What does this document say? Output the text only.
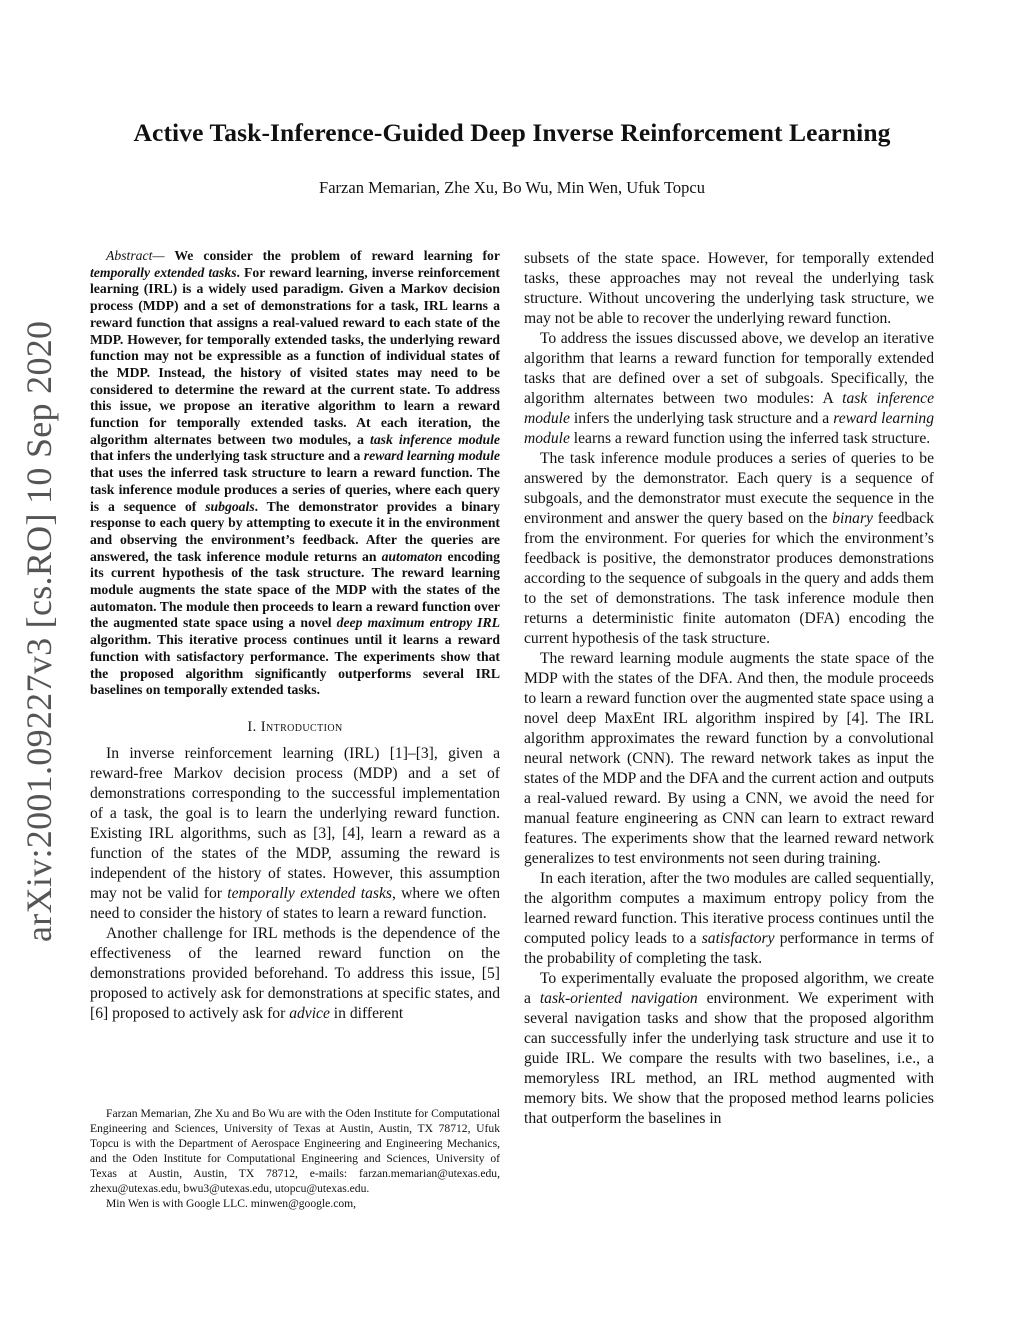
arXiv:2001.09227v3 [cs.RO] 10 Sep 2020
Active Task-Inference-Guided Deep Inverse Reinforcement Learning
Farzan Memarian, Zhe Xu, Bo Wu, Min Wen, Ufuk Topcu

Abstract— We consider the problem of reward learning for temporally extended tasks. For reward learning, inverse reinforcement learning (IRL) is a widely used paradigm. Given a Markov decision process (MDP) and a set of demonstrations for a task, IRL learns a reward function that assigns a real-valued reward to each state of the MDP. However, for temporally extended tasks, the underlying reward function may not be expressible as a function of individual states of the MDP. Instead, the history of visited states may need to be considered to determine the reward at the current state. To address this issue, we propose an iterative algorithm to learn a reward function for temporally extended tasks. At each iteration, the algorithm alternates between two modules, a task inference module that infers the underlying task structure and a reward learning module that uses the inferred task structure to learn a reward function. The task inference module produces a series of queries, where each query is a sequence of subgoals. The demonstrator provides a binary response to each query by attempting to execute it in the environment and observing the environment’s feedback. After the queries are answered, the task inference module returns an automaton encoding its current hypothesis of the task structure. The reward learning module augments the state space of the MDP with the states of the automaton. The module then proceeds to learn a reward function over the augmented state space using a novel deep maximum entropy IRL algorithm. This iterative process continues until it learns a reward function with satisfactory performance. The experiments show that the proposed algorithm significantly outperforms several IRL baselines on temporally extended tasks.

I. Introduction

In inverse reinforcement learning (IRL) [1]–[3], given a reward-free Markov decision process (MDP) and a set of demonstrations corresponding to the successful implementation of a task, the goal is to learn the underlying reward function. Existing IRL algorithms, such as [3], [4], learn a reward as a function of the states of the MDP, assuming the reward is independent of the history of states. However, this assumption may not be valid for temporally extended tasks, where we often need to consider the history of states to learn a reward function.

Another challenge for IRL methods is the dependence of the effectiveness of the learned reward function on the demonstrations provided beforehand. To address this issue, [5] proposed to actively ask for demonstrations at specific states, and [6] proposed to actively ask for advice in different

subsets of the state space. However, for temporally extended tasks, these approaches may not reveal the underlying task structure. Without uncovering the underlying task structure, we may not be able to recover the underlying reward function.

To address the issues discussed above, we develop an iterative algorithm that learns a reward function for temporally extended tasks that are defined over a set of subgoals. Specifically, the algorithm alternates between two modules: A task inference module infers the underlying task structure and a reward learning module learns a reward function using the inferred task structure.

The task inference module produces a series of queries to be answered by the demonstrator. Each query is a sequence of subgoals, and the demonstrator must execute the sequence in the environment and answer the query based on the binary feedback from the environment. For queries for which the environment’s feedback is positive, the demonstrator produces demonstrations according to the sequence of subgoals in the query and adds them to the set of demonstrations. The task inference module then returns a deterministic finite automaton (DFA) encoding the current hypothesis of the task structure.

The reward learning module augments the state space of the MDP with the states of the DFA. And then, the module proceeds to learn a reward function over the augmented state space using a novel deep MaxEnt IRL algorithm inspired by [4]. The IRL algorithm approximates the reward function by a convolutional neural network (CNN). The reward network takes as input the states of the MDP and the DFA and the current action and outputs a real-valued reward. By using a CNN, we avoid the need for manual feature engineering as CNN can learn to extract reward features. The experiments show that the learned reward network generalizes to test environments not seen during training.

In each iteration, after the two modules are called sequentially, the algorithm computes a maximum entropy policy from the learned reward function. This iterative process continues until the computed policy leads to a satisfactory performance in terms of the probability of completing the task.

To experimentally evaluate the proposed algorithm, we create a task-oriented navigation environment. We experiment with several navigation tasks and show that the proposed algorithm can successfully infer the underlying task structure and use it to guide IRL. We compare the results with two baselines, i.e., a memoryless IRL method, an IRL method augmented with memory bits. We show that the proposed method learns policies that outperform the baselines in

Farzan Memarian, Zhe Xu and Bo Wu are with the Oden Institute for Computational Engineering and Sciences, University of Texas at Austin, Austin, TX 78712, Ufuk Topcu is with the Department of Aerospace Engineering and Engineering Mechanics, and the Oden Institute for Computational Engineering and Sciences, University of Texas at Austin, Austin, TX 78712, e-mails: farzan.memarian@utexas.edu, zhexu@utexas.edu, bwu3@utexas.edu, utopcu@utexas.edu.

Min Wen is with Google LLC. minwen@google.com,
